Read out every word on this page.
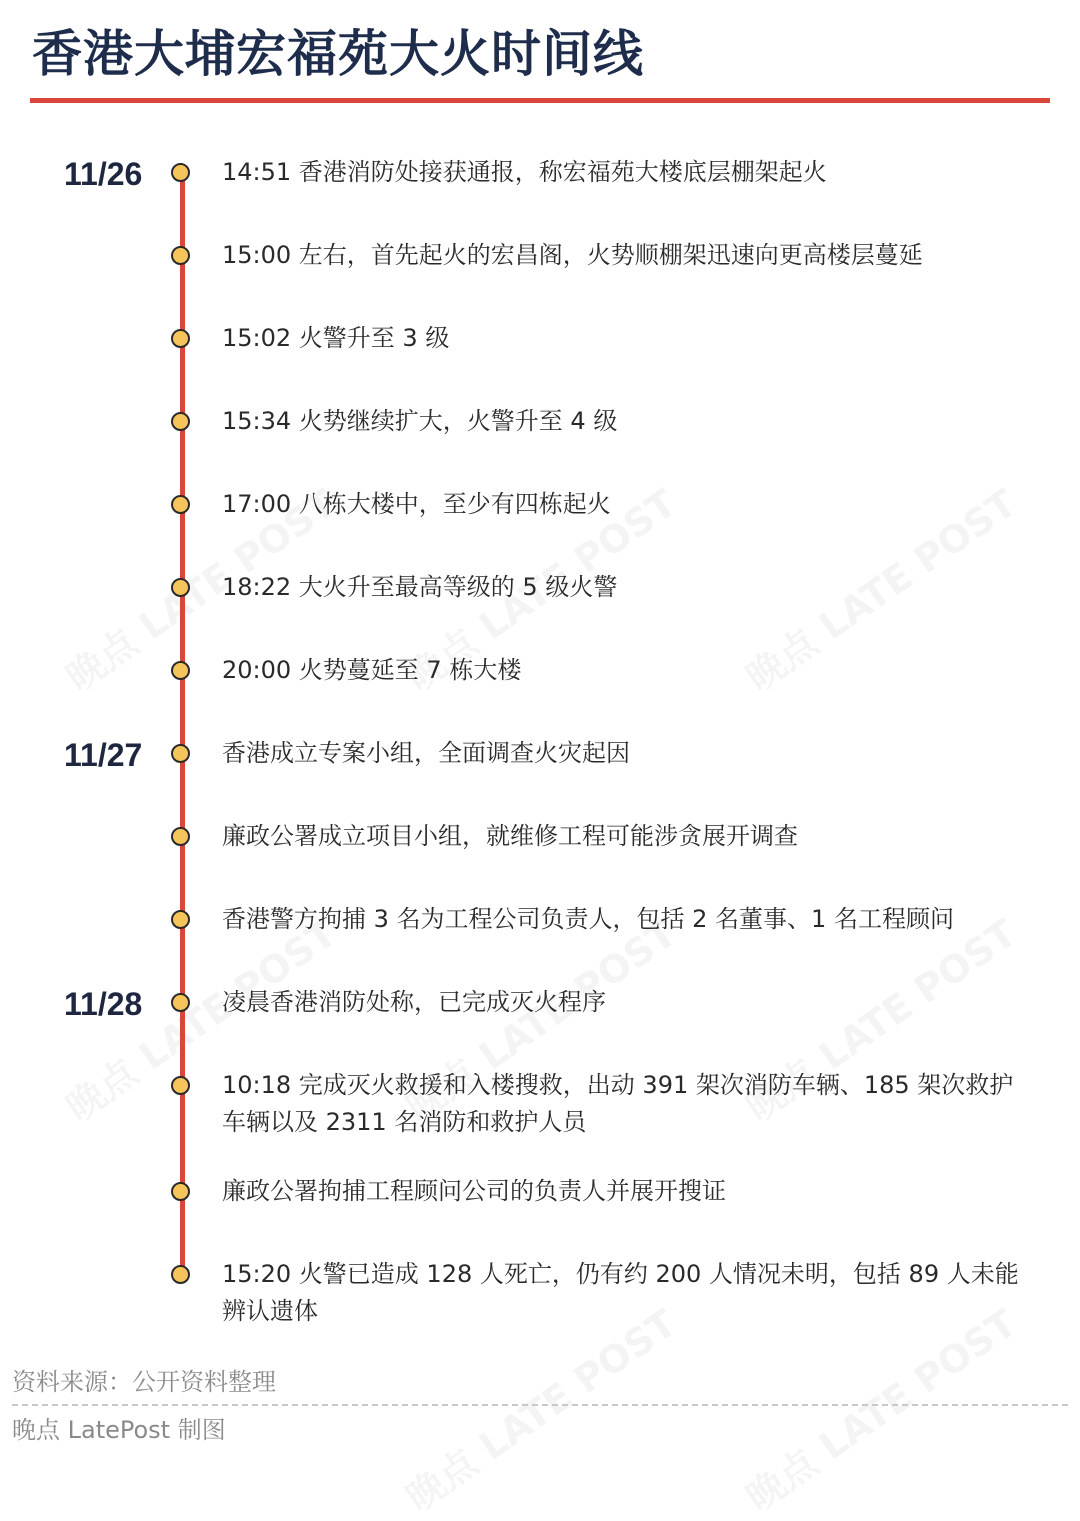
香港大埔宏福苑大火时间线
11/26
11/27
11/28
14:51 香港消防处接获通报，称宏福苑大楼底层棚架起火
15:00 左右，首先起火的宏昌阁，火势顺棚架迅速向更高楼层蔓延
15:02 火警升至 3 级
15:34 火势继续扩大，火警升至 4 级
17:00 八栋大楼中，至少有四栋起火
18:22 大火升至最高等级的 5 级火警
20:00 火势蔓延至 7 栋大楼
香港成立专案小组，全面调查火灾起因
廉政公署成立项目小组，就维修工程可能涉贪展开调查
香港警方拘捕 3 名为工程公司负责人，包括 2 名董事、1 名工程顾问
凌晨香港消防处称，已完成灭火程序
10:18 完成灭火救援和入楼搜救，出动 391 架次消防车辆、185 架次救护车辆以及 2311 名消防和救护人员
廉政公署拘捕工程顾问公司的负责人并展开搜证
15:20 火警已造成 128 人死亡，仍有约 200 人情况未明，包括 89 人未能辨认遗体
资料来源：公开资料整理
晚点 LatePost 制图
